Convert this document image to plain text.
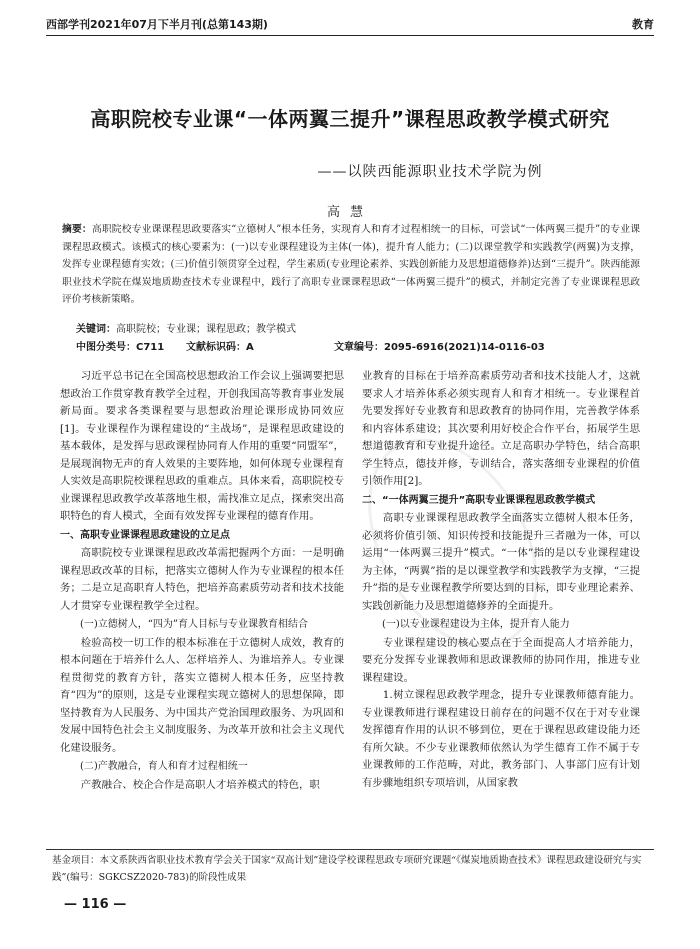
西部学刊2021年07月下半月刊(总第143期)	教育
高职院校专业课“一体两翼三提升”课程思政教学模式研究
——以陕西能源职业技术学院为例
高慧
摘要：高职院校专业课课程思政要落实“立德树人”根本任务，实现育人和育才过程相统一的目标，可尝试“一体两翼三提升”的专业课课程思政模式。该模式的核心要素为：(一)以专业课程建设为主体(一体)，提升育人能力；(二)以课堂教学和实践教学(两翼)为支撑，发挥专业课程德育实效；(三)价值引领贯穿全过程，学生素质(专业理论素养、实践创新能力及思想道德修养)达到“三提升”。陕西能源职业技术学院在煤炭地质勘查技术专业课程中，践行了高职专业课课程思政“一体两翼三提升”的模式，并制定完善了专业课课程思政评价考核新策略。
关键词：高职院校；专业课；课程思政；教学模式
中图分类号：C711 文献标识码：A	文章编号：2095-6916(2021)14-0116-03

习近平总书记在全国高校思想政治工作会议上强调要把思想政治工作贯穿教育教学全过程，开创我国高等教育事业发展新局面。要求各类课程要与思想政治理论课形成协同效应[1]。专业课程作为课程建设的“主战场”，是课程思政建设的基本载体，是发挥与思政课程协同育人作用的重要“同盟军”，是展现润物无声的育人效果的主要阵地，如何体现专业课程育人实效是高职院校课程思政的重难点。具体来看，高职院校专业课课程思政教学改革落地生根，需找准立足点，探索突出高职特色的育人模式，全面有效发挥专业课程的德育作用。

一、高职专业课课程思政建设的立足点

高职院校专业课课程思政改革需把握两个方面：一是明确课程思政改革的目标，把落实立德树人作为专业课程的根本任务；二是立足高职育人特色，把培养高素质劳动者和技术技能人才贯穿专业课程教学全过程。

(一)立德树人，“四为”育人目标与专业课教育相结合

检验高校一切工作的根本标准在于立德树人成效，教育的根本问题在于培养什么人、怎样培养人、为谁培养人。专业课程贯彻党的教育方针，落实立德树人根本任务，应坚持教育“四为”的原则，这是专业课程实现立德树人的思想保障，即坚持教育为人民服务、为中国共产党治国理政服务、为巩固和发展中国特色社会主义制度服务、为改革开放和社会主义现代化建设服务。

(二)产教融合，育人和育才过程相统一

产教融合、校企合作是高职人才培养模式的特色，职

业教育的目标在于培养高素质劳动者和技术技能人才，这就要求人才培养体系必须实现育人和育才相统一。专业课程首先要发挥好专业教育和思政教育的协同作用，完善教学体系和内容体系建设；其次要利用好校企合作平台，拓展学生思想道德教育和专业提升途径。立足高职办学特色，结合高职学生特点，德技并修，专训结合，落实落细专业课程的价值引领作用[2]。

二、“一体两翼三提升”高职专业课课程思政教学模式

高职专业课课程思政教学全面落实立德树人根本任务，必须将价值引领、知识传授和技能提升三者融为一体，可以运用“一体两翼三提升”模式。“一体”指的是以专业课程建设为主体，“两翼”指的是以课堂教学和实践教学为支撑，“三提升”指的是专业课程教学所要达到的目标，即专业理论素养、实践创新能力及思想道德修养的全面提升。

(一)以专业课程建设为主体，提升育人能力

专业课程建设的核心要点在于全面提高人才培养能力，要充分发挥专业课教师和思政课教师的协同作用，推进专业课程建设。

1.树立课程思政教学理念，提升专业课教师德育能力。专业课教师进行课程建设日前存在的问题不仅在于对专业课发挥德育作用的认识不够到位，更在于课程思政建设能力还有所欠缺。不少专业课教师依然认为学生德育工作不属于专业课教师的工作范畴，对此，教务部门、人事部门应有计划有步骤地组织专项培训，从国家教

基金项目：本文系陕西省职业技术教育学会关于国家“双高计划”建设学校课程思政专项研究课题“《煤炭地质勘查技术》课程思政建设研究与实践”(编号：SGKCSZ2020-783)的阶段性成果
— 116 —
